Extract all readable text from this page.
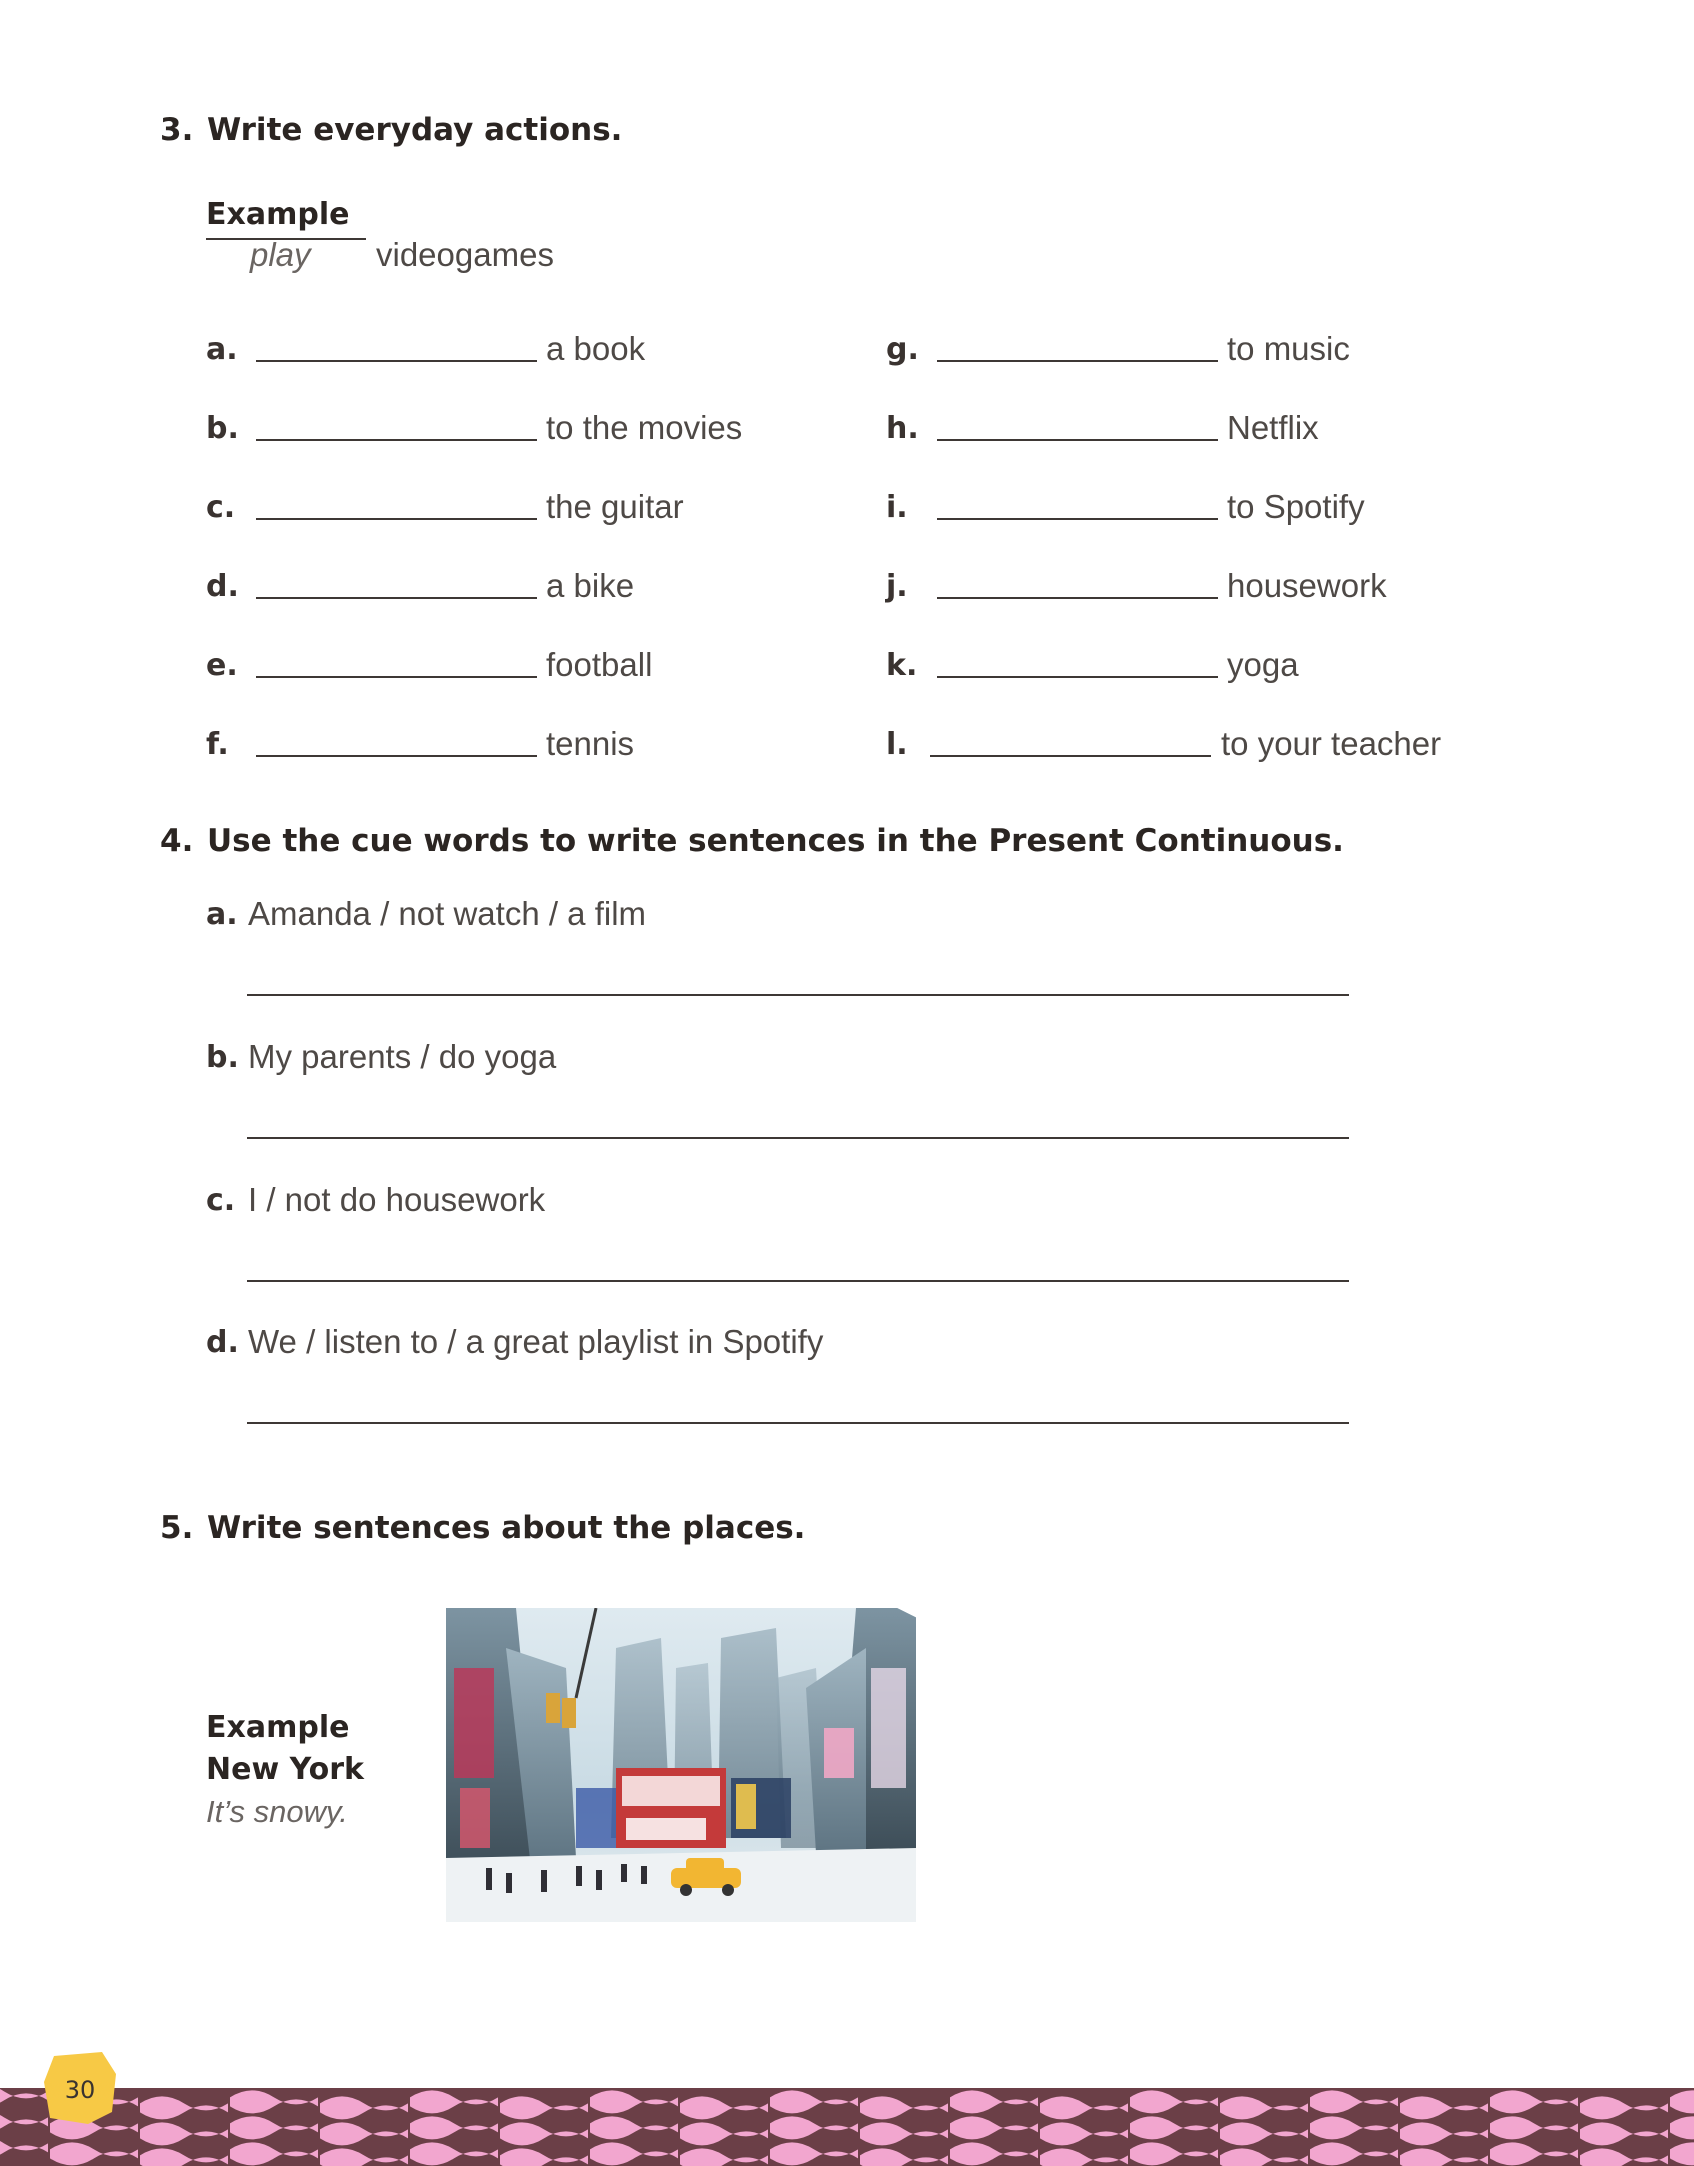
3. Write everyday actions.
Example
play videogames
a.	a book
b.	to the movies
c.	the guitar
d.	a bike
e.	football
f.	tennis
g.	to music
h.	Netflix
i.	to Spotify
j.	housework
k.	yoga
l.	to your teacher
4. Use the cue words to write sentences in the Present Continuous.
a. Amanda / not watch / a film
b. My parents / do yoga
c. I / not do housework
d. We / listen to / a great playlist in Spotify
5. Write sentences about the places.
Example
New York
It’s snowy.
30
